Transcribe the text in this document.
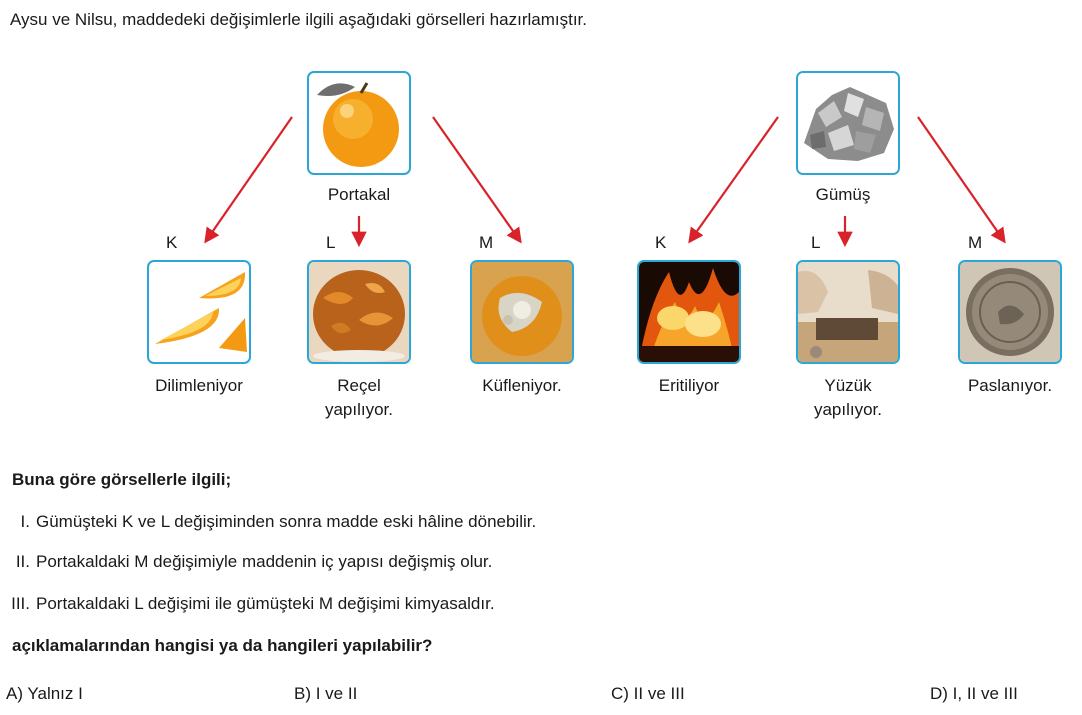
Aysu ve Nilsu, maddedeki değişimlerle ilgili aşağıdaki görselleri hazırlamıştır.
Portakal	Gümüş
K	L	M	K	L	M
Dilimleniyor	Reçel yapılıyor.
Küfleniyor.	Eritiliyor	Yüzük yapılıyor.
Paslanıyor.
Buna göre görsellerle ilgili;
I. Gümüşteki K ve L değişiminden sonra madde eski hâline dönebilir.
II. Portakaldaki M değişimiyle maddenin iç yapısı değişmiş olur.
III. Portakaldaki L değişimi ile gümüşteki M değişimi kimyasaldır.
açıklamalarından hangisi ya da hangileri yapılabilir?
A) Yalnız I	B) I ve II	C) II ve III	D) I, II ve III
